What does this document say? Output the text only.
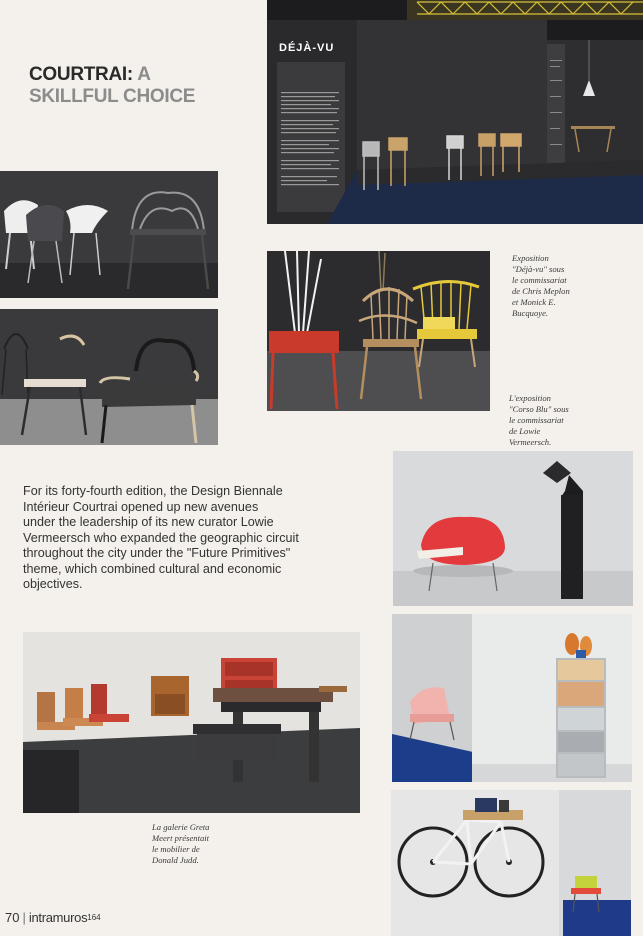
COURTRAI: A
SKILLFUL CHOICE
DÉJÀ-VU
Exposition
"Déjà-vu" sous
le commissariat
de Chris Meplon
et Monick E.
Bucquoye.
L'exposition
"Corso Blu" sous
le commissariat
de Lowie
Vermeersch.
For its forty-fourth edition, the Design Biennale
Intérieur Courtrai opened up new avenues
under the leadership of its new curator Lowie
Vermeersch who expanded the geographic circuit
throughout the city under the "Future Primitives"
theme, which combined cultural and economic
objectives.
La galerie Greta
Meert présentait
le mobilier de
Donald Judd.
70 | intramuros164
